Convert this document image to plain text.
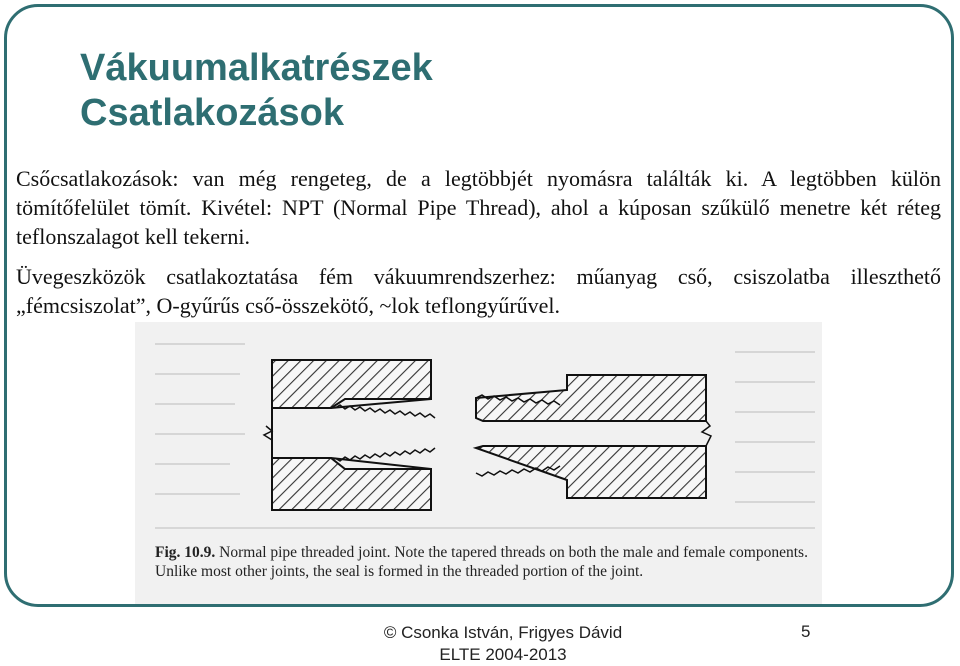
Vákuumalkatrészek
Csatlakozások

Csőcsatlakozások: van még rengeteg, de a legtöbbjét nyomásra találták ki. A legtöbben külön tömítőfelület tömít. Kivétel: NPT (Normal Pipe Thread), ahol a kúposan szűkülő menetre két réteg teflonszalagot kell tekerni.

Üvegeszközök csatlakoztatása fém vákuumrendszerhez: műanyag cső, csiszolatba illeszthető „fémcsiszolat”, O-gyűrűs cső-összekötő, ~lok teflongyűrűvel.

Fig. 10.9. Normal pipe threaded joint. Note the tapered threads on both the male and female components. Unlike most other joints, the seal is formed in the threaded portion of the joint.
© Csonka István, Frigyes Dávid
ELTE 2004-2013
5
